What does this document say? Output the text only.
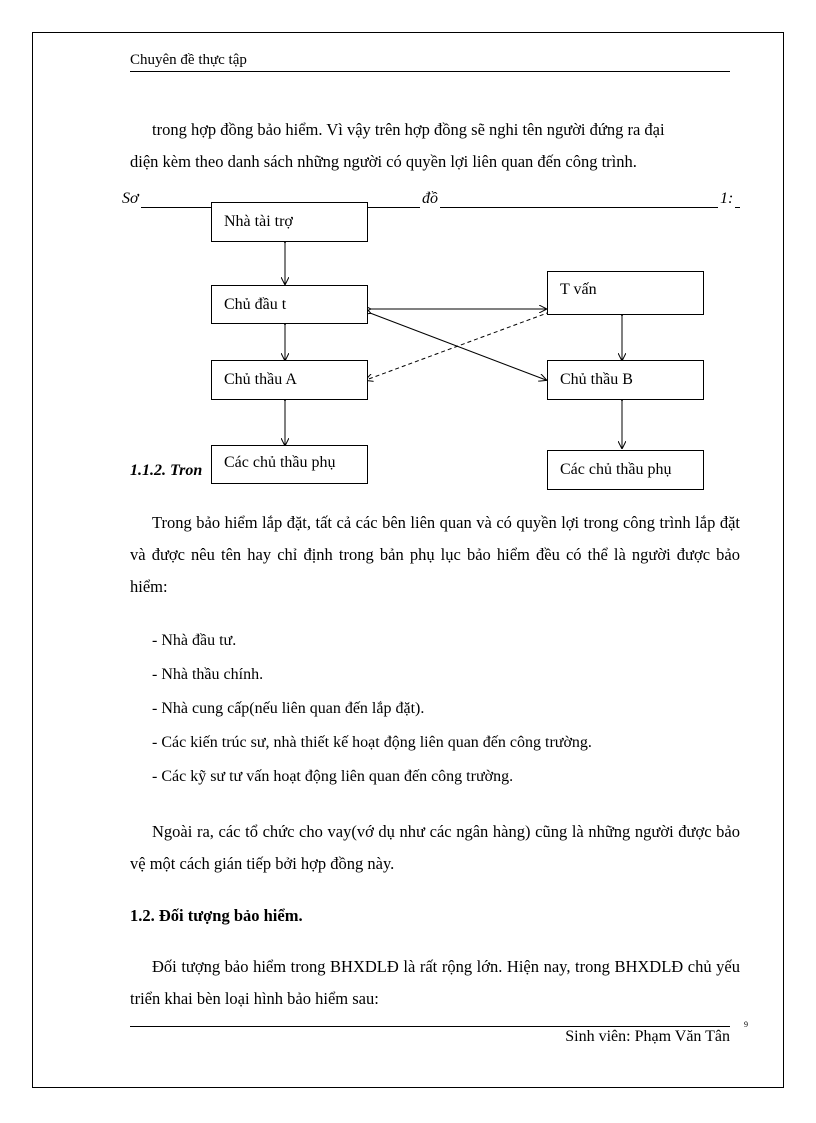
Chuyên đề thực tập
trong hợp đồng bảo hiểm. Vì vậy trên hợp đồng sẽ nghi tên người đứng ra đại
diện kèm theo danh sách những người có quyền lợi liên quan đến công trình.
Sơ	đồ	1:
Nhà tài trợ
Chủ đầu t
T vấn
Chủ thầu A	Chủ thầu B
1.1.2. Tron	Các chủ thầu phụ	Các chủ thầu phụ
Trong bảo hiểm lắp đặt, tất cả các bên liên quan và có quyền lợi trong công trình lắp đặt và được nêu tên hay chỉ định trong bản phụ lục bảo hiểm đều có thể là người được bảo hiểm:
- Nhà đầu tư.
- Nhà thầu chính.
- Nhà cung cấp(nếu liên quan đến lắp đặt).
- Các kiến trúc sư, nhà thiết kế hoạt động liên quan đến công trường.
- Các kỹ sư tư vấn hoạt động liên quan đến công trường.
Ngoài ra, các tổ chức cho vay(vớ dụ như các ngân hàng) cũng là những người được bảo vệ một cách gián tiếp bởi hợp đồng này.
1.2. Đối tượng bảo hiểm.
Đối tượng bảo hiểm trong BHXDLĐ là rất rộng lớn. Hiện nay, trong BHXDLĐ chủ yếu triển khai bèn loại hình bảo hiểm sau:
Sinh viên: Phạm Văn Tân
9
